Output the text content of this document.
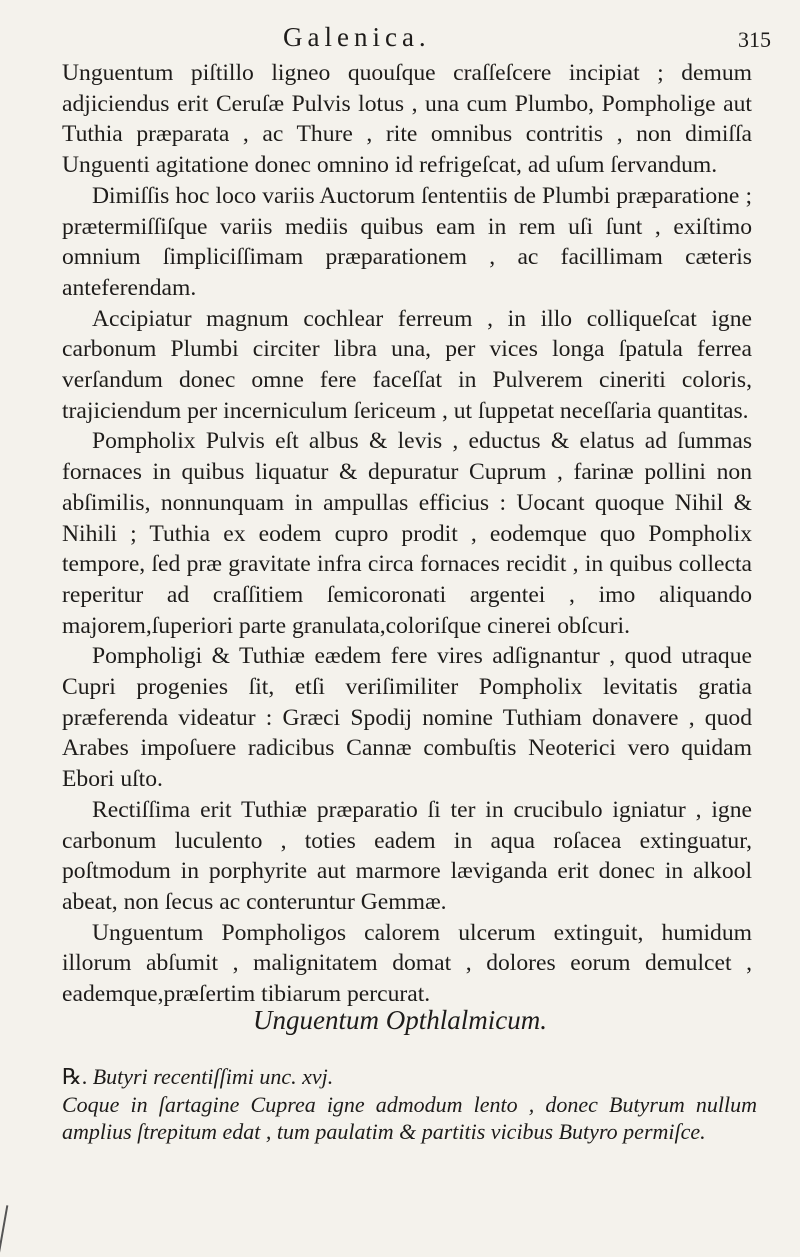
Galenica.	315

Unguentum piſtillo ligneo quouſque craſſeſcere incipiat ; demum adjiciendus erit Ceruſæ Pulvis lotus , una cum Plumbo, Pompholige aut Tuthia præparata , ac Thure , rite omnibus contritis , non dimiſſa Unguenti agitatione donec omnino id refrigeſcat, ad uſum ſervandum.

Dimiſſis hoc loco variis Auctorum ſententiis de Plumbi præparatione ; prætermiſſiſque variis mediis quibus eam in rem uſi ſunt , exiſtimo omnium ſimpliciſſimam præparationem , ac facillimam cæteris anteferendam.

Accipiatur magnum cochlear ferreum , in illo colliqueſcat igne carbonum Plumbi circiter libra una, per vices longa ſpatula ferrea verſandum donec omne fere faceſſat in Pulverem cineriti coloris, trajiciendum per incerniculum ſericeum , ut ſuppetat neceſſaria quantitas.

Pompholix Pulvis eſt albus & levis , eductus & elatus ad ſummas fornaces in quibus liquatur & depuratur Cuprum , farinæ pollini non abſimilis, nonnunquam in ampullas efficius : Uocant quoque Nihil & Nihili ; Tuthia ex eodem cupro prodit , eodemque quo Pompholix tempore, ſed præ gravitate infra circa fornaces recidit , in quibus collecta reperitur ad craſſitiem ſemicoronati argentei , imo aliquando majorem,ſuperiori parte granulata,coloriſque cinerei obſcuri.

Pompholigi & Tuthiæ eædem fere vires adſignantur , quod utraque Cupri progenies ſit, etſi veriſimiliter Pompholix levitatis gratia præferenda videatur : Græci Spodij nomine Tuthiam donavere , quod Arabes impoſuere radicibus Cannæ combuſtis Neoterici vero quidam Ebori uſto.

Rectiſſima erit Tuthiæ præparatio ſi ter in crucibulo igniatur , igne carbonum luculento , toties eadem in aqua roſacea extinguatur, poſtmodum in porphyrite aut marmore læviganda erit donec in alkool abeat, non ſecus ac conteruntur Gemmæ.

Unguentum Pompholigos calorem ulcerum extinguit, humidum illorum abſumit , malignitatem domat , dolores eorum demulcet , eademque,præſertim tibiarum percurat.

Unguentum Opthlalmicum.
℞. Butyri recentiſſimi unc. xvj.
Coque in ſartagine Cuprea igne admodum lento , donec Butyrum nullum amplius ſtrepitum edat , tum paulatim & partitis vicibus Butyro permiſce.
